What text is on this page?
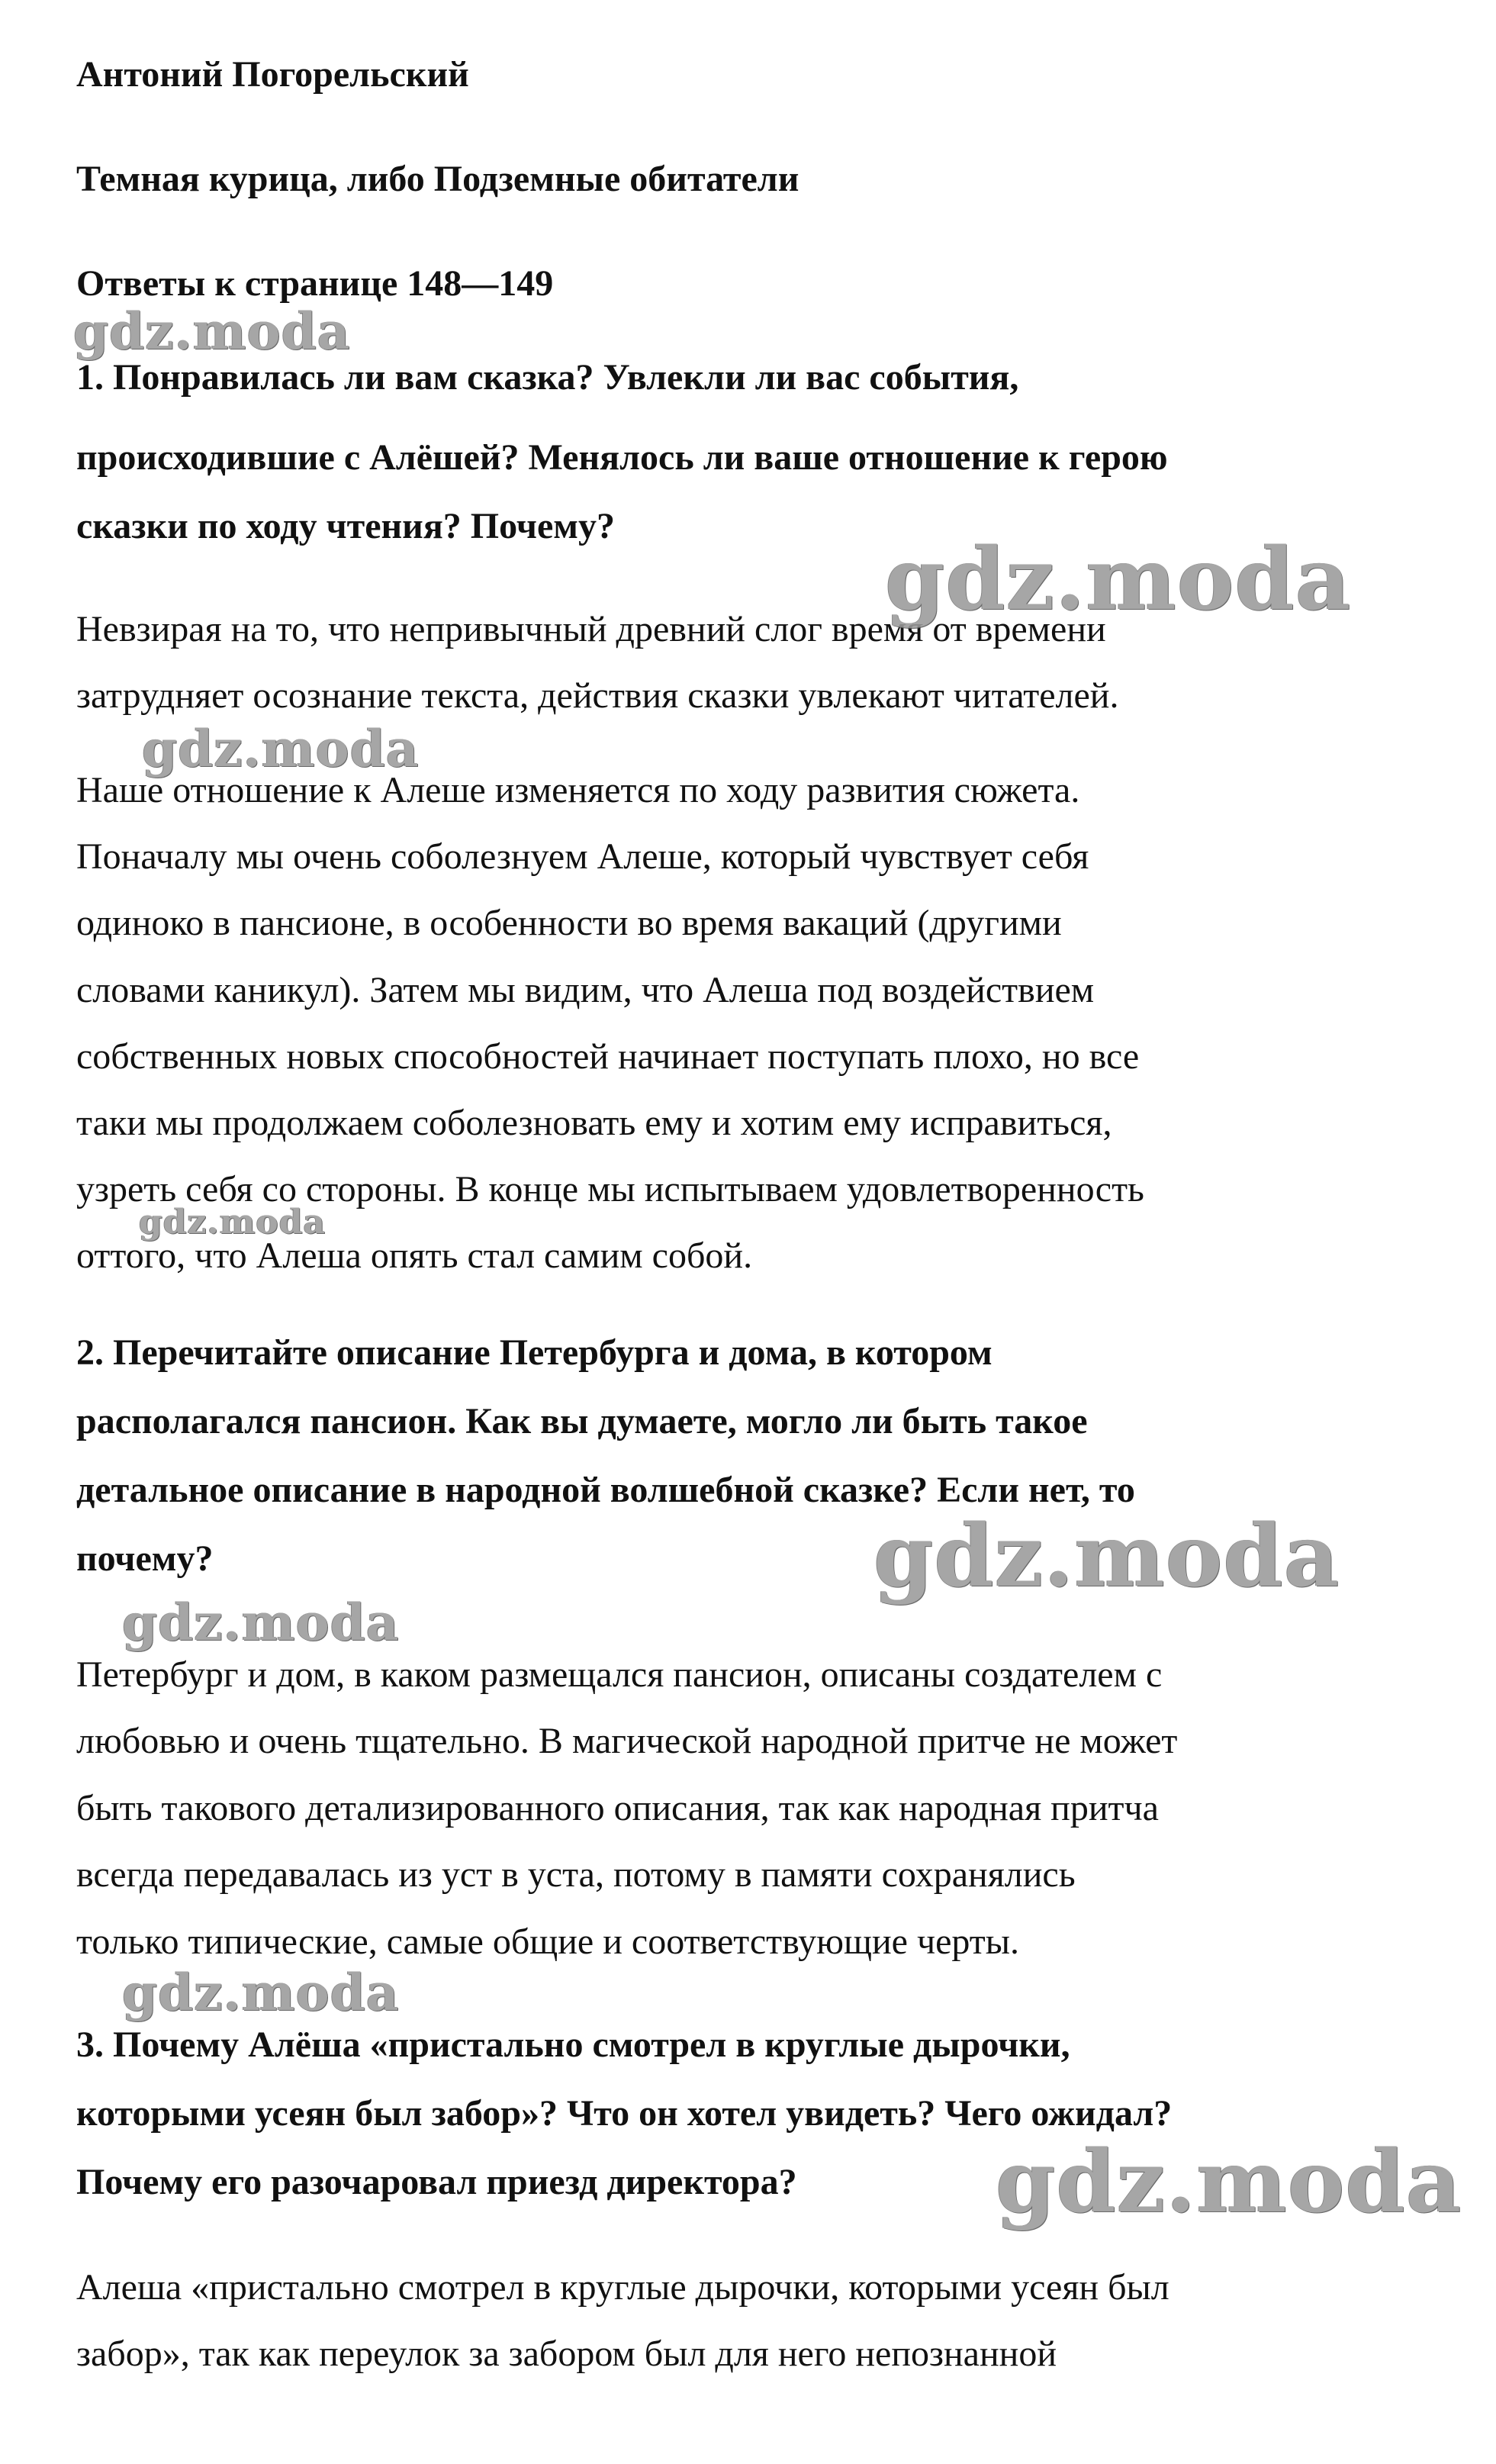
Антоний Погорельский

Темная курица, либо Подземные обитатели

Ответы к странице 148—149

1. Понравилась ли вам сказка? Увлекли ли вас события,

происходившие с Алёшей? Менялось ли ваше отношение к герою

сказки по ходу чтения? Почему?

Невзирая на то, что непривычный древний слог время от времени

затрудняет осознание текста, действия сказки увлекают читателей.

Наше отношение к Алеше изменяется по ходу развития сюжета.

Поначалу мы очень соболезнуем Алеше, который чувствует себя

одиноко в пансионе, в особенности во время вакаций (другими

словами каникул). Затем мы видим, что Алеша под воздействием

собственных новых способностей начинает поступать плохо, но все

таки мы продолжаем соболезновать ему и хотим ему исправиться,

узреть себя со стороны. В конце мы испытываем удовлетворенность

оттого, что Алеша опять стал самим собой.

2. Перечитайте описание Петербурга и дома, в котором

располагался пансион. Как вы думаете, могло ли быть такое

детальное описание в народной волшебной сказке? Если нет, то

почему?

Петербург и дом, в каком размещался пансион, описаны создателем с

любовью и очень тщательно. В магической народной притче не может

быть такового детализированного описания, так как народная притча

всегда передавалась из уст в уста, потому в памяти сохранялись

только типические, самые общие и соответствующие черты.

3. Почему Алёша «пристально смотрел в круглые дырочки,

которыми усеян был забор»? Что он хотел увидеть? Чего ожидал?

Почему его разочаровал приезд директора?

Алеша «пристально смотрел в круглые дырочки, которыми усеян был

забор», так как переулок за забором был для него непознанной

gdz.moda
gdz.moda
gdz.moda
gdz.moda
gdz.moda
gdz.moda
gdz.moda
gdz.moda
